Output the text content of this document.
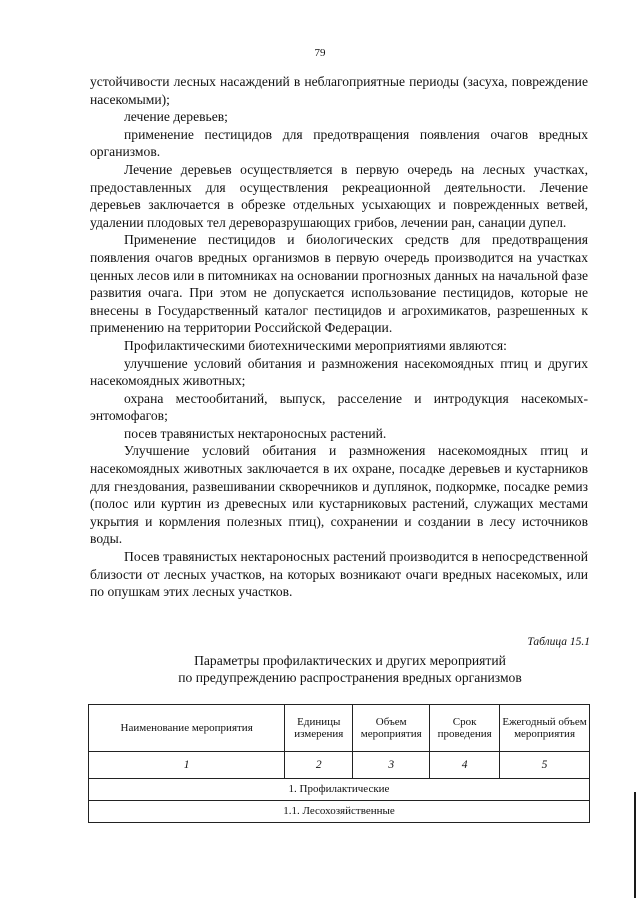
79

устойчивости лесных насаждений в неблагоприятные периоды (засуха, повреждение насекомыми);

лечение деревьев;

применение пестицидов для предотвращения появления очагов вредных организмов.

Лечение деревьев осуществляется в первую очередь на лесных участках, предоставленных для осуществления рекреационной деятельности. Лечение деревьев заключается в обрезке отдельных усыхающих и поврежденных ветвей, удалении плодовых тел дереворазрушающих грибов, лечении ран, санации дупел.

Применение пестицидов и биологических средств для предотвращения появления очагов вредных организмов в первую очередь производится на участках ценных лесов или в питомниках на основании прогнозных данных на начальной фазе развития очага. При этом не допускается использование пестицидов, которые не внесены в Государственный каталог пестицидов и агрохимикатов, разрешенных к применению на территории Российской Федерации.

Профилактическими биотехническими мероприятиями являются:

улучшение условий обитания и размножения насекомоядных птиц и других насекомоядных животных;

охрана местообитаний, выпуск, расселение и интродукция насекомых-энтомофагов;

посев травянистых нектароносных растений.

Улучшение условий обитания и размножения насекомоядных птиц и насекомоядных животных заключается в их охране, посадке деревьев и кустарников для гнездования, развешивании скворечников и дуплянок, подкормке, посадке ремиз (полос или куртин из древесных или кустарниковых растений, служащих местами укрытия и кормления полезных птиц), сохранении и создании в лесу источников воды.

Посев травянистых нектароносных растений производится в непосредственной близости от лесных участков, на которых возникают очаги вредных насекомых, или по опушкам этих лесных участков.

Таблица 15.1
Параметры профилактических и других мероприятий
по предупреждению распространения вредных организмов
Наименование мероприятия	Единицы измерения	Объем мероприятия	Срок проведения	Ежегодный объем мероприятия
1	2	3	4	5
1. Профилактические				
1.1. Лесохозяйственные				
